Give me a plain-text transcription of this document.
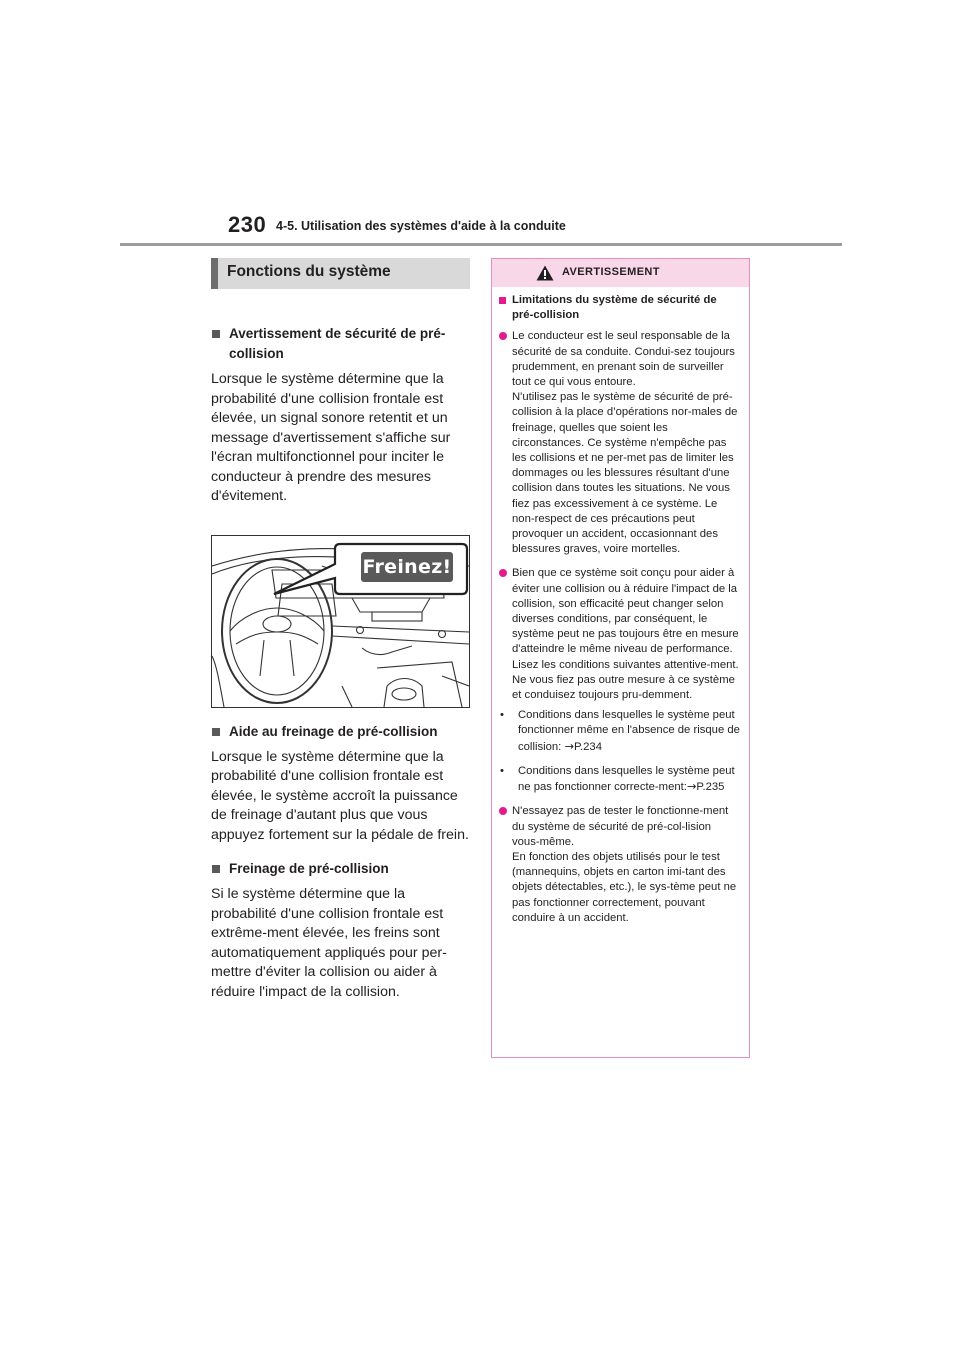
230 4-5. Utilisation des systèmes d'aide à la conduite
Fonctions du système
Avertissement de sécurité de pré-collision

Lorsque le système détermine que la probabilité d'une collision frontale est élevée, un signal sonore retentit et un message d'avertissement s'affiche sur l'écran multifonctionnel pour inciter le conducteur à prendre des mesures d'évitement.

Freinez!
Aide au freinage de pré-collision

Lorsque le système détermine que la probabilité d'une collision frontale est élevée, le système accroît la puissance de freinage d'autant plus que vous appuyez fortement sur la pédale de frein.

Freinage de pré-collision

Si le système détermine que la probabilité d'une collision frontale est extrême-ment élevée, les freins sont automatiquement appliqués pour per-mettre d'éviter la collision ou aider à réduire l'impact de la collision.

AVERTISSEMENT
Limitations du système de sécurité de pré-collision

Le conducteur est le seul responsable de la sécurité de sa conduite. Condui-sez toujours prudemment, en prenant soin de surveiller tout ce qui vous entoure.

N'utilisez pas le système de sécurité de pré-collision à la place d’opérations nor-males de freinage, quelles que soient les circonstances. Ce système n'empêche pas les collisions et ne per-met pas de limiter les dommages ou les blessures résultant d'une collision dans toutes les situations. Ne vous fiez pas excessivement à ce système. Le non-respect de ces précautions peut provoquer un accident, occasionnant des blessures graves, voire mortelles.

Bien que ce système soit conçu pour aider à éviter une collision ou à réduire l'impact de la collision, son efficacité peut changer selon diverses conditions, par conséquent, le système peut ne pas toujours être en mesure d'atteindre le même niveau de performance.

Lisez les conditions suivantes attentive-ment. Ne vous fiez pas outre mesure à ce système et conduisez toujours pru-demment.

•	Conditions dans lesquelles le système peut fonctionner même en l'absence de risque de collision: →P.234
•	Conditions dans lesquelles le système peut ne pas fonctionner correcte-ment:→P.235

N'essayez pas de tester le fonctionne-ment du système de sécurité de pré-col-lision vous-même.

En fonction des objets utilisés pour le test (mannequins, objets en carton imi-tant des objets détectables, etc.), le sys-tème peut ne pas fonctionner correctement, pouvant conduire à un accident.
